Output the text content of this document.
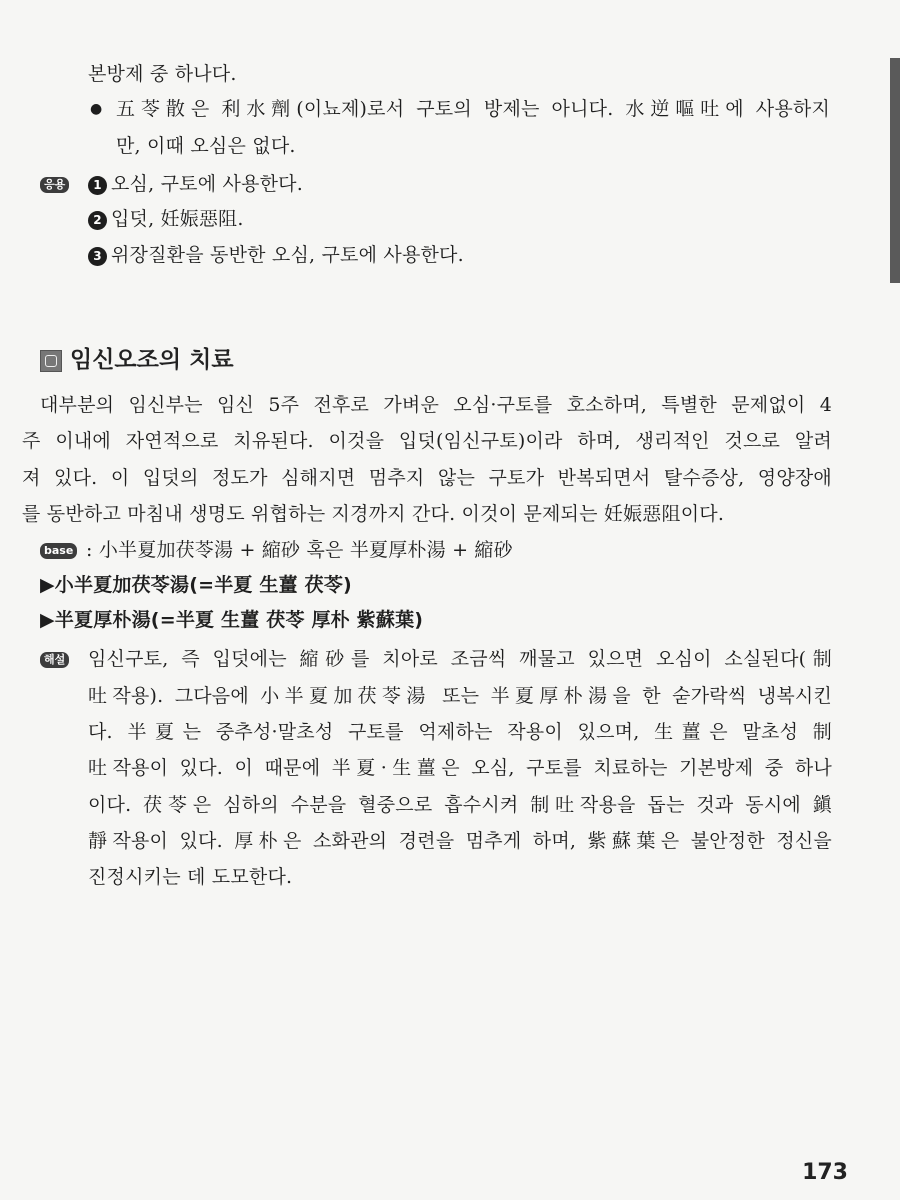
본방제 중 하나다.
● 五苓散은 利水劑(이뇨제)로서 구토의 방제는 아니다. 水逆嘔吐에 사용하지
만, 이때 오심은 없다.
응용	1 오심, 구토에 사용한다.
2 입덧, 妊娠惡阻.
3 위장질환을 동반한 오심, 구토에 사용한다.
임신오조의 치료
대부분의 임신부는 임신 5주 전후로 가벼운 오심·구토를 호소하며, 특별한 문제없이 4
주 이내에 자연적으로 치유된다. 이것을 입덧(임신구토)이라 하며, 생리적인 것으로 알려
져 있다. 이 입덧의 정도가 심해지면 멈추지 않는 구토가 반복되면서 탈수증상, 영양장애
를 동반하고 마침내 생명도 위협하는 지경까지 간다. 이것이 문제되는 妊娠惡阻이다.
base : 小半夏加茯苓湯 + 縮砂 혹은 半夏厚朴湯 + 縮砂
▶小半夏加茯苓湯(=半夏 生薑 茯苓)
▶半夏厚朴湯(=半夏 生薑 茯苓 厚朴 紫蘇葉)
해설 임신구토, 즉 입덧에는 縮砂를 치아로 조금씩 깨물고 있으면 오심이 소실된다(制
吐작용). 그다음에 小半夏加茯苓湯 또는 半夏厚朴湯을 한 숟가락씩 냉복시킨
다. 半夏는 중추성·말초성 구토를 억제하는 작용이 있으며, 生薑은 말초성 制
吐작용이 있다. 이 때문에 半夏·生薑은 오심, 구토를 치료하는 기본방제 중 하나
이다. 茯苓은 심하의 수분을 혈중으로 흡수시켜 制吐작용을 돕는 것과 동시에 鎭
靜작용이 있다. 厚朴은 소화관의 경련을 멈추게 하며, 紫蘇葉은 불안정한 정신을
진정시키는 데 도모한다.
173
